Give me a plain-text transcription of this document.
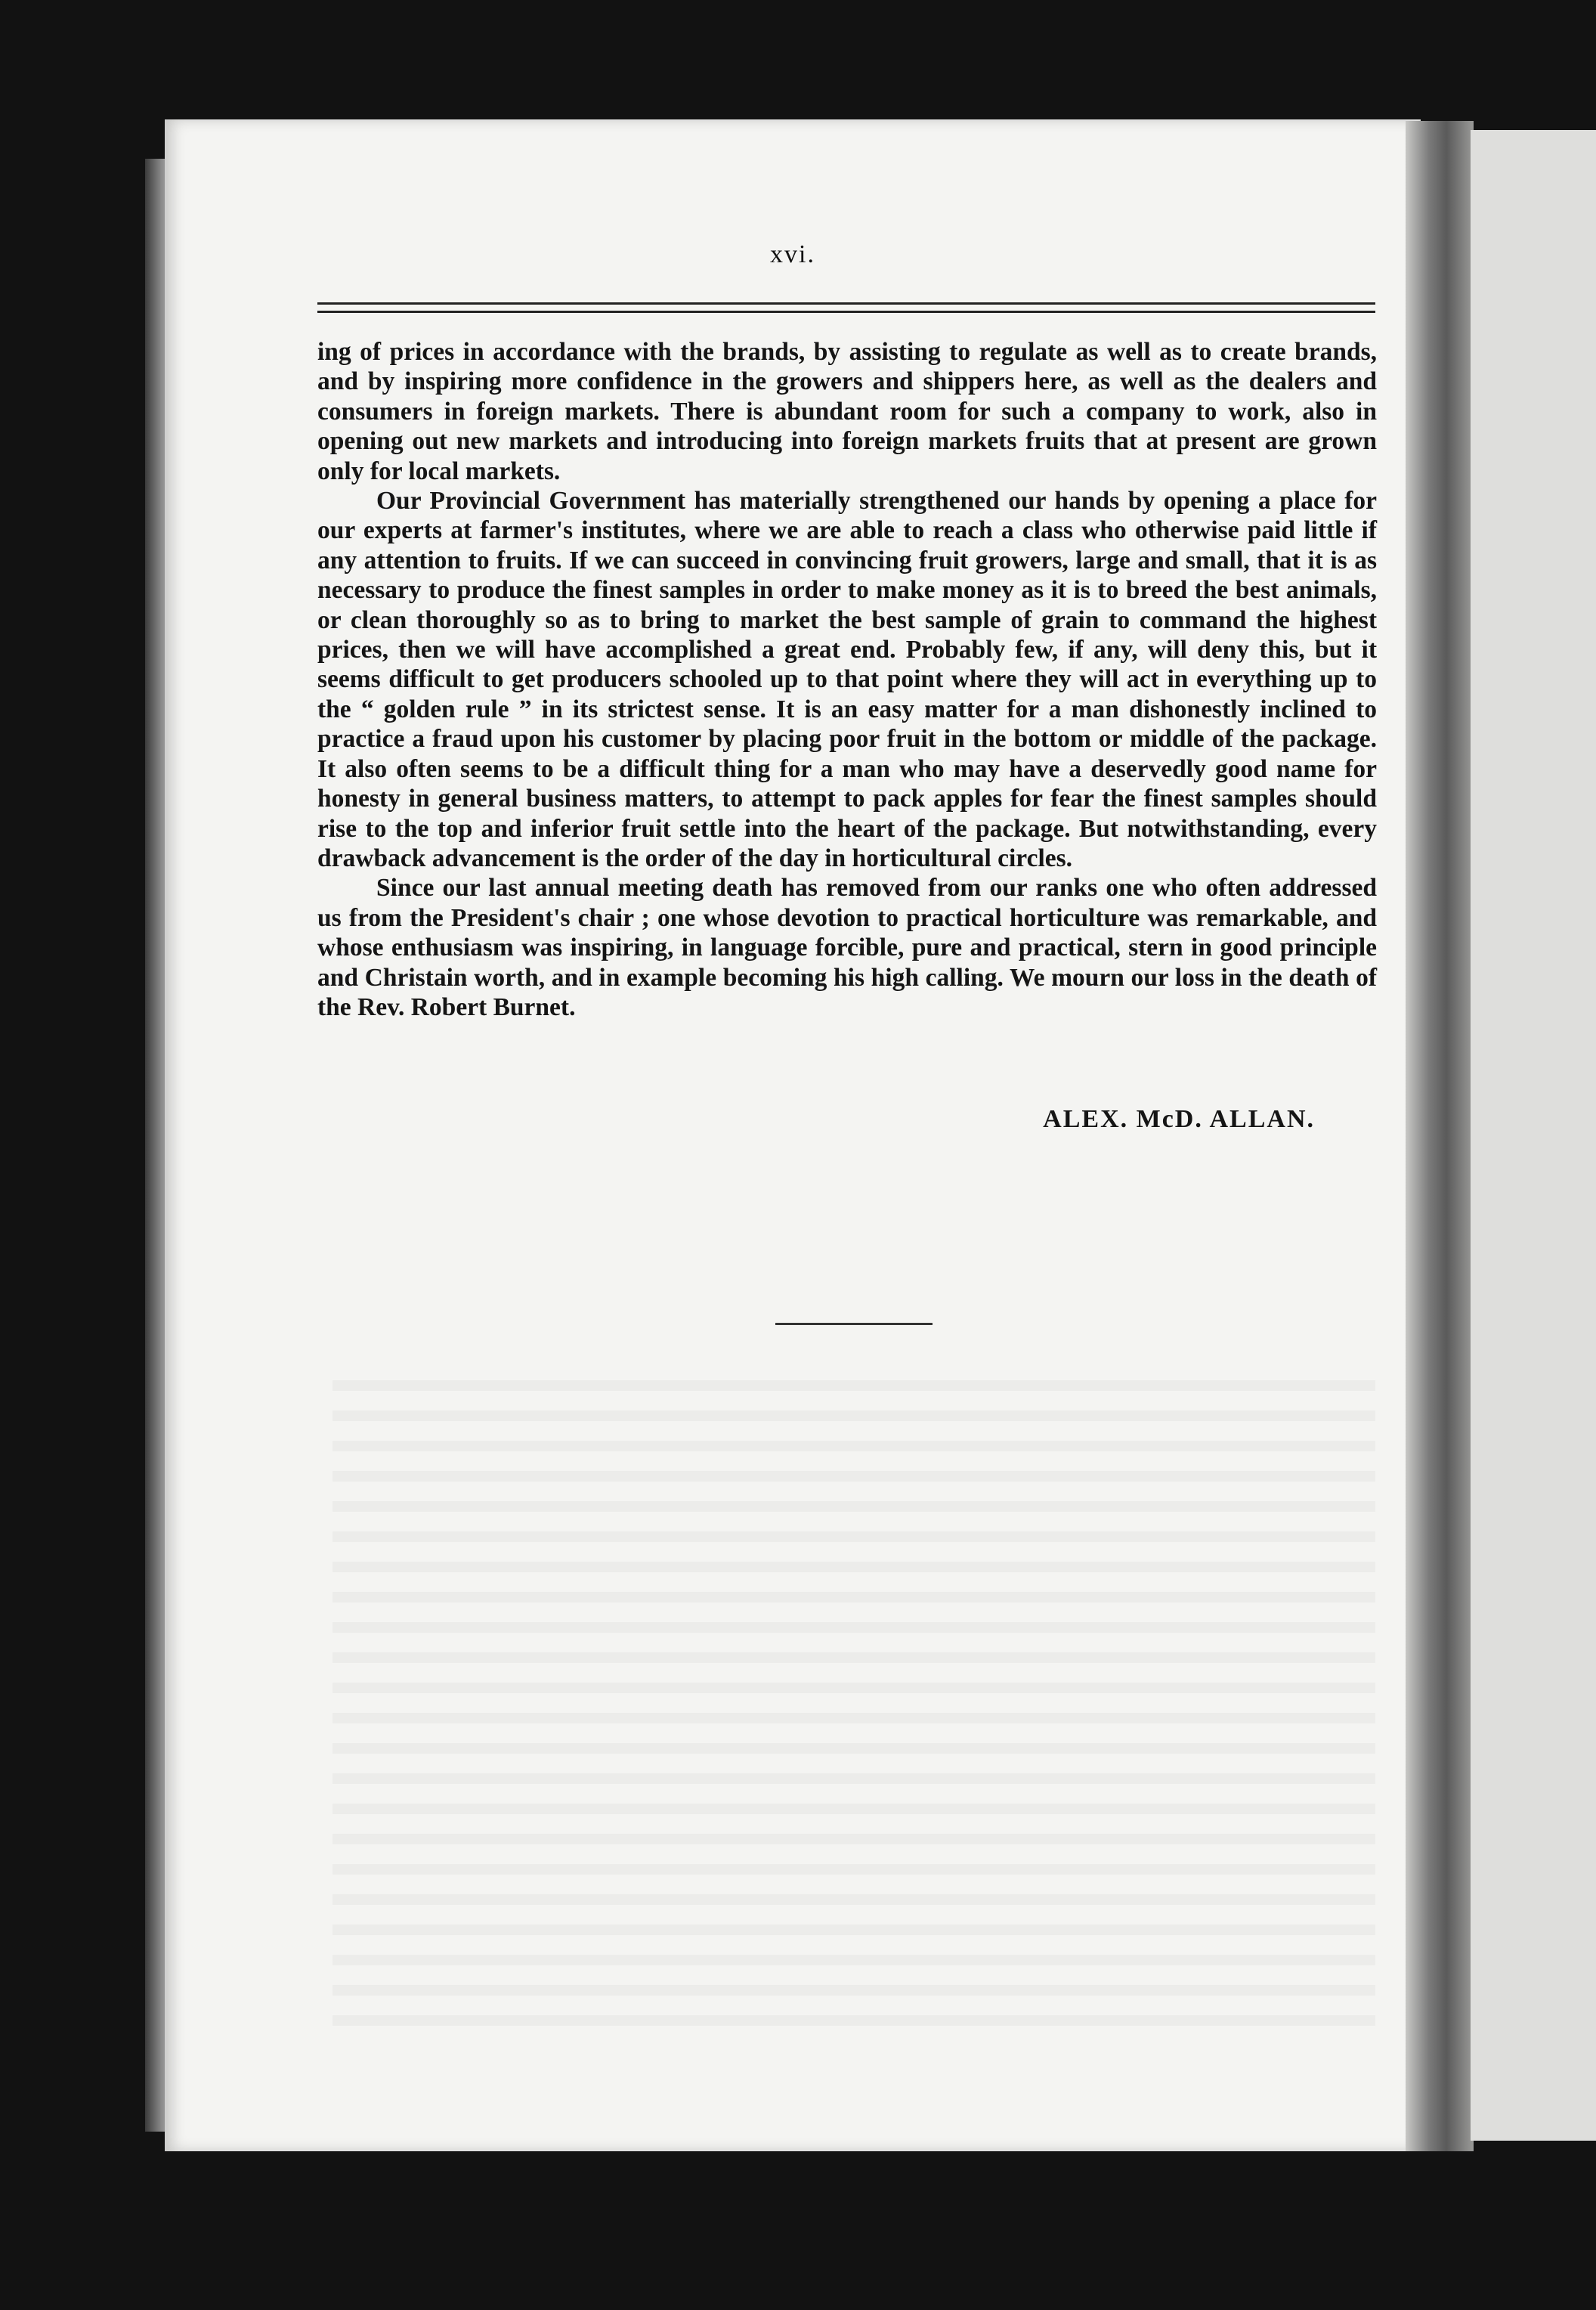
xvi.

ing of prices in accordance with the brands, by assisting to regulate as well as to create brands, and by inspiring more confidence in the growers and shippers here, as well as the dealers and consumers in foreign markets. There is abundant room for such a company to work, also in opening out new markets and introducing into foreign markets fruits that at present are grown only for local markets.

Our Provincial Government has materially strengthened our hands by opening a place for our experts at farmer's institutes, where we are able to reach a class who otherwise paid little if any attention to fruits. If we can succeed in convincing fruit growers, large and small, that it is as necessary to produce the finest samples in order to make money as it is to breed the best animals, or clean thoroughly so as to bring to market the best sample of grain to command the highest prices, then we will have accomplished a great end. Probably few, if any, will deny this, but it seems difficult to get producers schooled up to that point where they will act in everything up to the “ golden rule ” in its strictest sense. It is an easy matter for a man dishonestly inclined to practice a fraud upon his customer by placing poor fruit in the bottom or middle of the package. It also often seems to be a difficult thing for a man who may have a deservedly good name for honesty in general business matters, to attempt to pack apples for fear the finest samples should rise to the top and inferior fruit settle into the heart of the package. But notwithstanding, every drawback advancement is the order of the day in horticultural circles.

Since our last annual meeting death has removed from our ranks one who often addressed us from the President's chair ; one whose devotion to practical horticulture was remarkable, and whose enthusiasm was inspiring, in language forcible, pure and practical, stern in good principle and Christain worth, and in example becoming his high calling. We mourn our loss in the death of the Rev. Robert Burnet.

ALEX. McD. ALLAN.
